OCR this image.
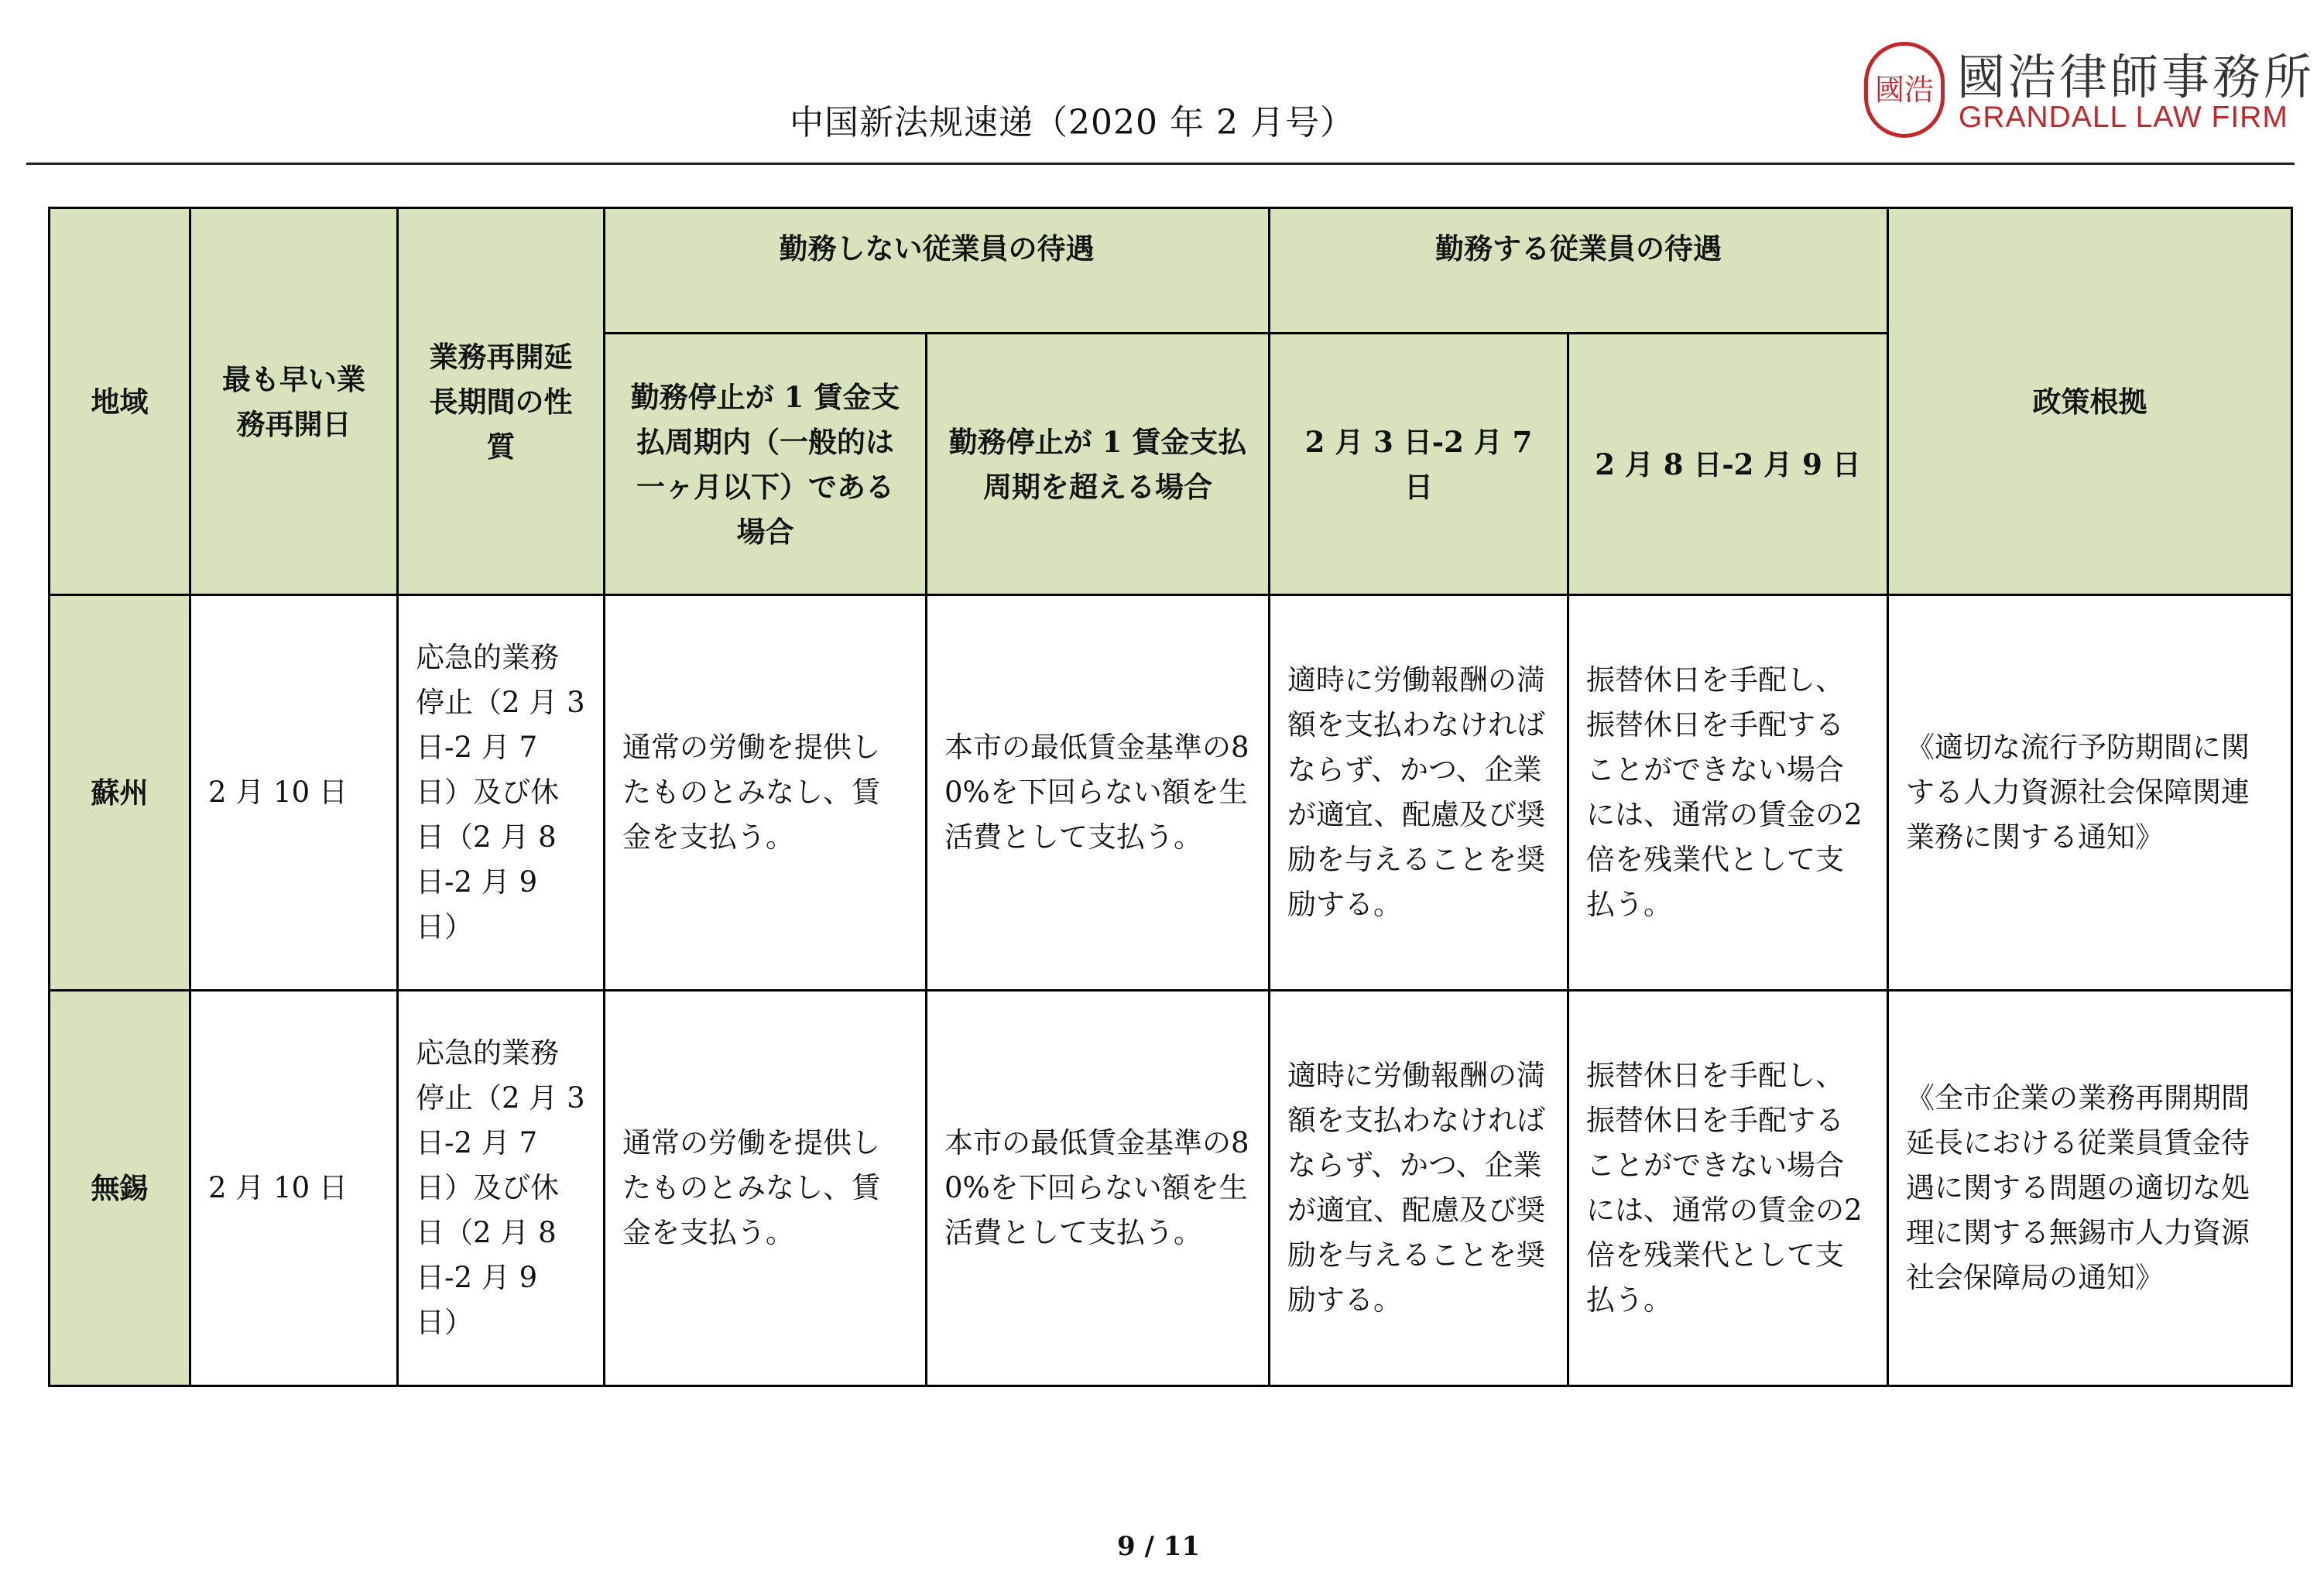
中国新法规速递（2020 年 2 月号）
國浩 國浩律師事務所
GRANDALL LAW FIRM
地域	最も早い業務再開日	業務再開延長期間の性質	勤務しない従業員の待遇		勤務する従業員の待遇		政策根拠
			勤務停止が 1 賃金支払周期内（一般的は一ヶ月以下）である場合	勤務停止が 1 賃金支払周期を超える場合	2 月 3 日-2 月 7 日	2 月 8 日-2 月 9 日	
蘇州	2 月 10 日	応急的業務停止（2 月 3 日-2 月 7 日）及び休日（2 月 8 日-2 月 9 日）	通常の労働を提供したものとみなし、賃金を支払う。	本市の最低賃金基準の80%を下回らない額を生活費として支払う。	適時に労働報酬の満額を支払わなければならず、かつ、企業が適宜、配慮及び奨励を与えることを奨励する。	振替休日を手配し、振替休日を手配することができない場合には、通常の賃金の2 倍を残業代として支払う。	《適切な流行予防期間に関する人力資源社会保障関連業務に関する通知》
無錫	2 月 10 日	応急的業務停止（2 月 3 日-2 月 7 日）及び休日（2 月 8 日-2 月 9 日）	通常の労働を提供したものとみなし、賃金を支払う。	本市の最低賃金基準の80%を下回らない額を生活費として支払う。	適時に労働報酬の満額を支払わなければならず、かつ、企業が適宜、配慮及び奨励を与えることを奨励する。	振替休日を手配し、振替休日を手配することができない場合には、通常の賃金の2 倍を残業代として支払う。	《全市企業の業務再開期間延長における従業員賃金待遇に関する問題の適切な処理に関する無錫市人力資源社会保障局の通知》
9 / 11
